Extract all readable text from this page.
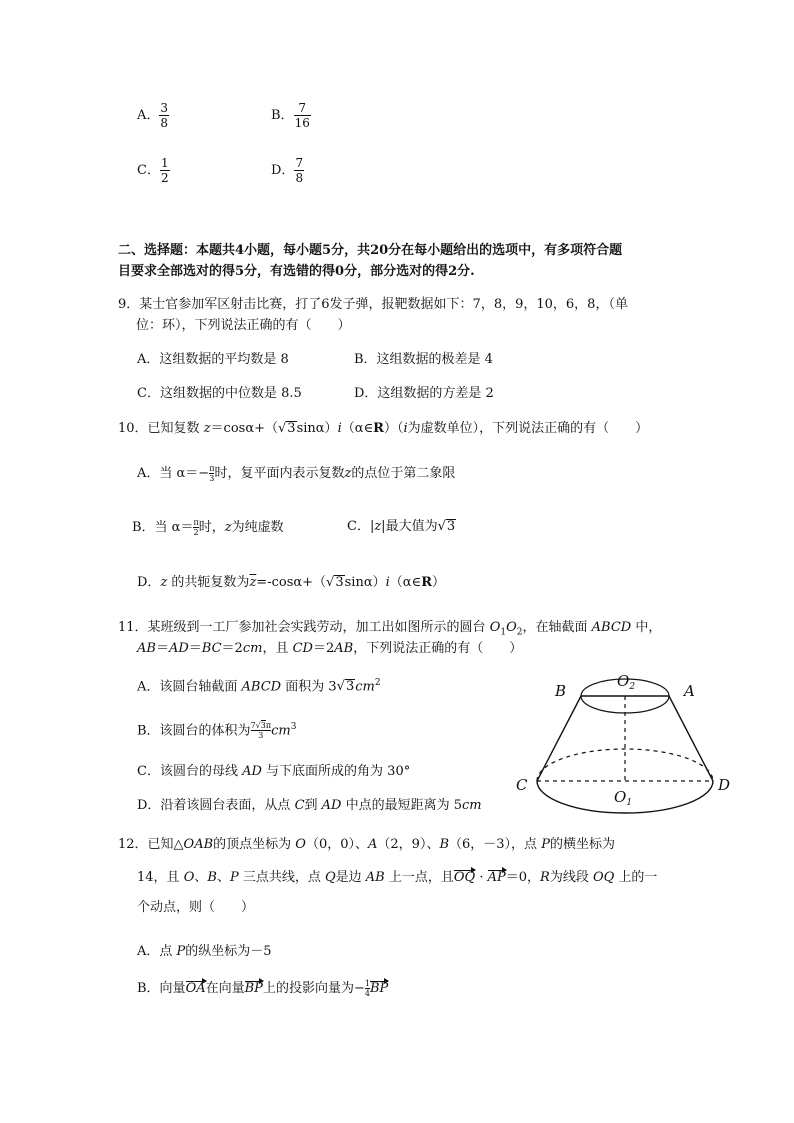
A． $\frac{3}{8}$	B． $\frac{7}{16}$
C． $\frac{1}{2}$	D． $\frac{7}{8}$
二、选择题：本题共4小题，每小题5分，共20分在每小题给出的选项中，有多项符合题
目要求全部选对的得5分，有选错的得0分，部分选对的得2分.
9．某士官参加军区射击比赛，打了6发子弹，报靶数据如下：7，8，9，10，6，8，（单
位：环），下列说法正确的有（　　）
A．这组数据的平均数是 8	B．这组数据的极差是 4
C．这组数据的中位数是 8.5	D．这组数据的方差是 2
10．已知复数 z＝cosα+（√3sinα）i（α∈R）（i为虚数单位），下列说法正确的有（　　）
A．当 $\alpha=- \frac{\pi}{3}$ 时，复平面内表示复数z的点位于第二象限
B．当 $\alpha= \frac{\pi}{2}$ 时，z为纯虚数	C．|z|最大值为√3
D．z 的共轭复数为$\overline{z}=-\cos\alpha+(√3\sin\alpha)i(\alpha\in R)$
11．某班级到一工厂参加社会实践劳动，加工出如图所示的圆台 $O_1O_2$，在轴截面 ABCD 中，
AB＝AD＝BC＝2cm，且 CD＝2AB，下列说法正确的有（　　）
A．该圆台轴截面 ABCD 面积为 $3√3cm^2$
B．该圆台的体积为 $\frac{7√3\pi}{3} cm^3$
C．该圆台的母线 AD 与下底面所成的角为 30°
D．沿着该圆台表面，从点 C到 AD 中点的最短距离为 5cm
B	A
$O_2$
C	D
$O_1$
12．已知△OAB的顶点坐标为 O（0，0）、A（2，9）、B（6，－3），点 P的横坐标为
14，且 O、B、P 三点共线，点 Q是边 AB 上一点，且OQ · AP＝0，R为线段 OQ 上的一
个动点，则（　　）
A．点 P的纵坐标为－5
B．向量OA在向量BP上的投影向量为− $\frac{1}{4}$ BP
